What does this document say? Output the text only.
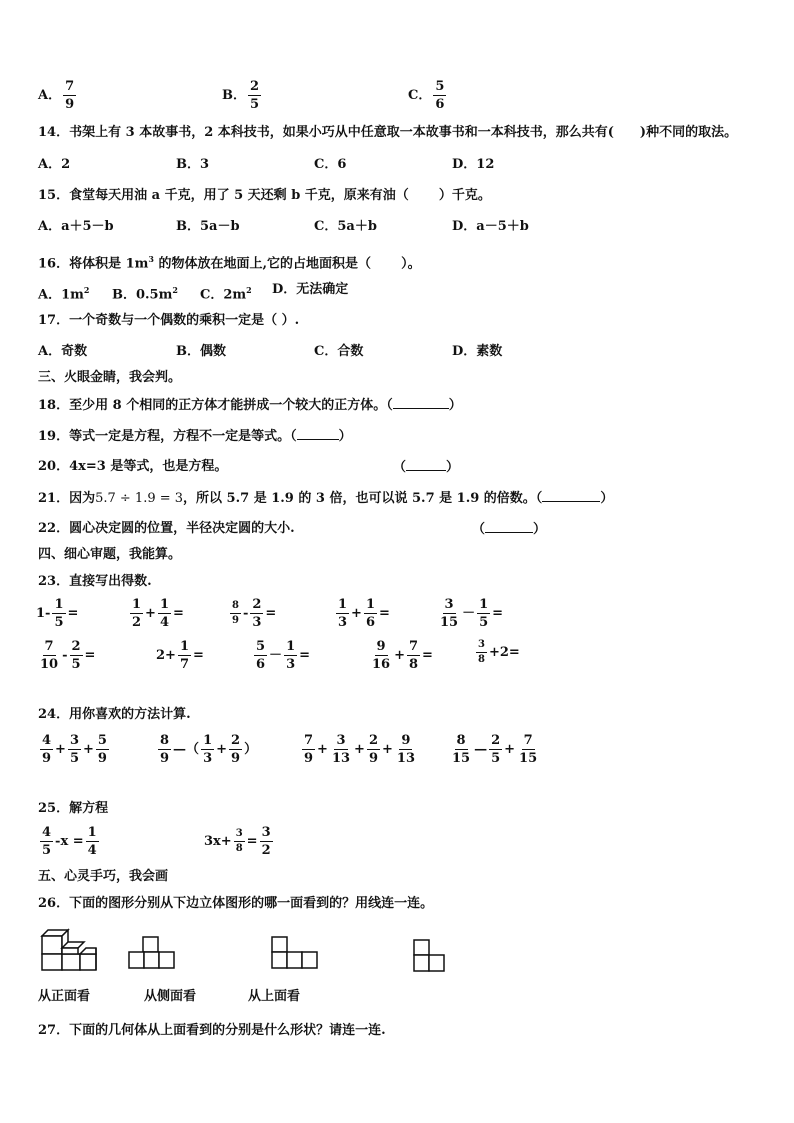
A． $\frac{7}{9}$	B． $\frac{2}{5}$	C． $\frac{5}{6}$
14．书架上有 3 本故事书，2 本科技书，如果小巧从中任意取一本故事书和一本科技书，那么共有( )种不同的取法。
A．2	B．3	C．6	D．12
15．食堂每天用油 a 千克，用了 5 天还剩 b 千克，原来有油（ ）千克。
A．a＋5－b	B．5a－b	C．5a＋b	D．a－5＋b
16．将体积是 $1m^3$ 的物体放在地面上,它的占地面积是（ ）。
A．$1m^2$ B．$0.5m^2$ C．$2m^2$ D．无法确定
17．一个奇数与一个偶数的乘积一定是（ ）.
A．奇数	B．偶数	C．合数	D．素数
三、火眼金睛，我会判。
18．至少用 8 个相同的正方体才能拼成一个较大的正方体。（	）
19．等式一定是方程，方程不一定是等式。（	）
20．4x=3 是等式，也是方程。	（	）
21．因为5.7 ÷ 1.9 = 3，所以 5.7 是 1.9 的 3 倍，也可以说 5.7 是 1.9 的倍数。（	）
22．圆心决定圆的位置，半径决定圆的大小.	（	）
四、细心审题，我能算。
23．直接写出得数.
$1- \frac{1}{5}$ =	$\frac{1}{2} + \frac{1}{4}$ =	$\frac{8}{9} - \frac{2}{3}$ =	$\frac{1}{3} + \frac{1}{6}$ =	$\frac{3}{15} - \frac{1}{5}$ =
$\frac{7}{10} - \frac{2}{5}$ =	$2+ \frac{1}{7}$ =	$\frac{5}{6} - \frac{1}{3}$ =	$\frac{9}{16} + \frac{7}{8}$ =	$\frac{3}{8} +2=$
24．用你喜欢的方法计算.
$\frac{4}{9} + \frac{3}{5} + \frac{5}{9}$	$\frac{8}{9}$ —（ $\frac{1}{3} + \frac{2}{9}$ ）	$\frac{7}{9} + \frac{3}{13} + \frac{2}{9} + \frac{9}{13}$	$\frac{8}{15}$ — $\frac{2}{5} + \frac{7}{15}$
25．解方程
$\frac{4}{5} -x = \frac{1}{4}$	$3x+ \frac{3}{8} = \frac{3}{2}$
五、心灵手巧，我会画
26．下面的图形分别从下边立体图形的哪一面看到的？用线连一连。
从正面看	从侧面看	从上面看
27．下面的几何体从上面看到的分别是什么形状？请连一连.
